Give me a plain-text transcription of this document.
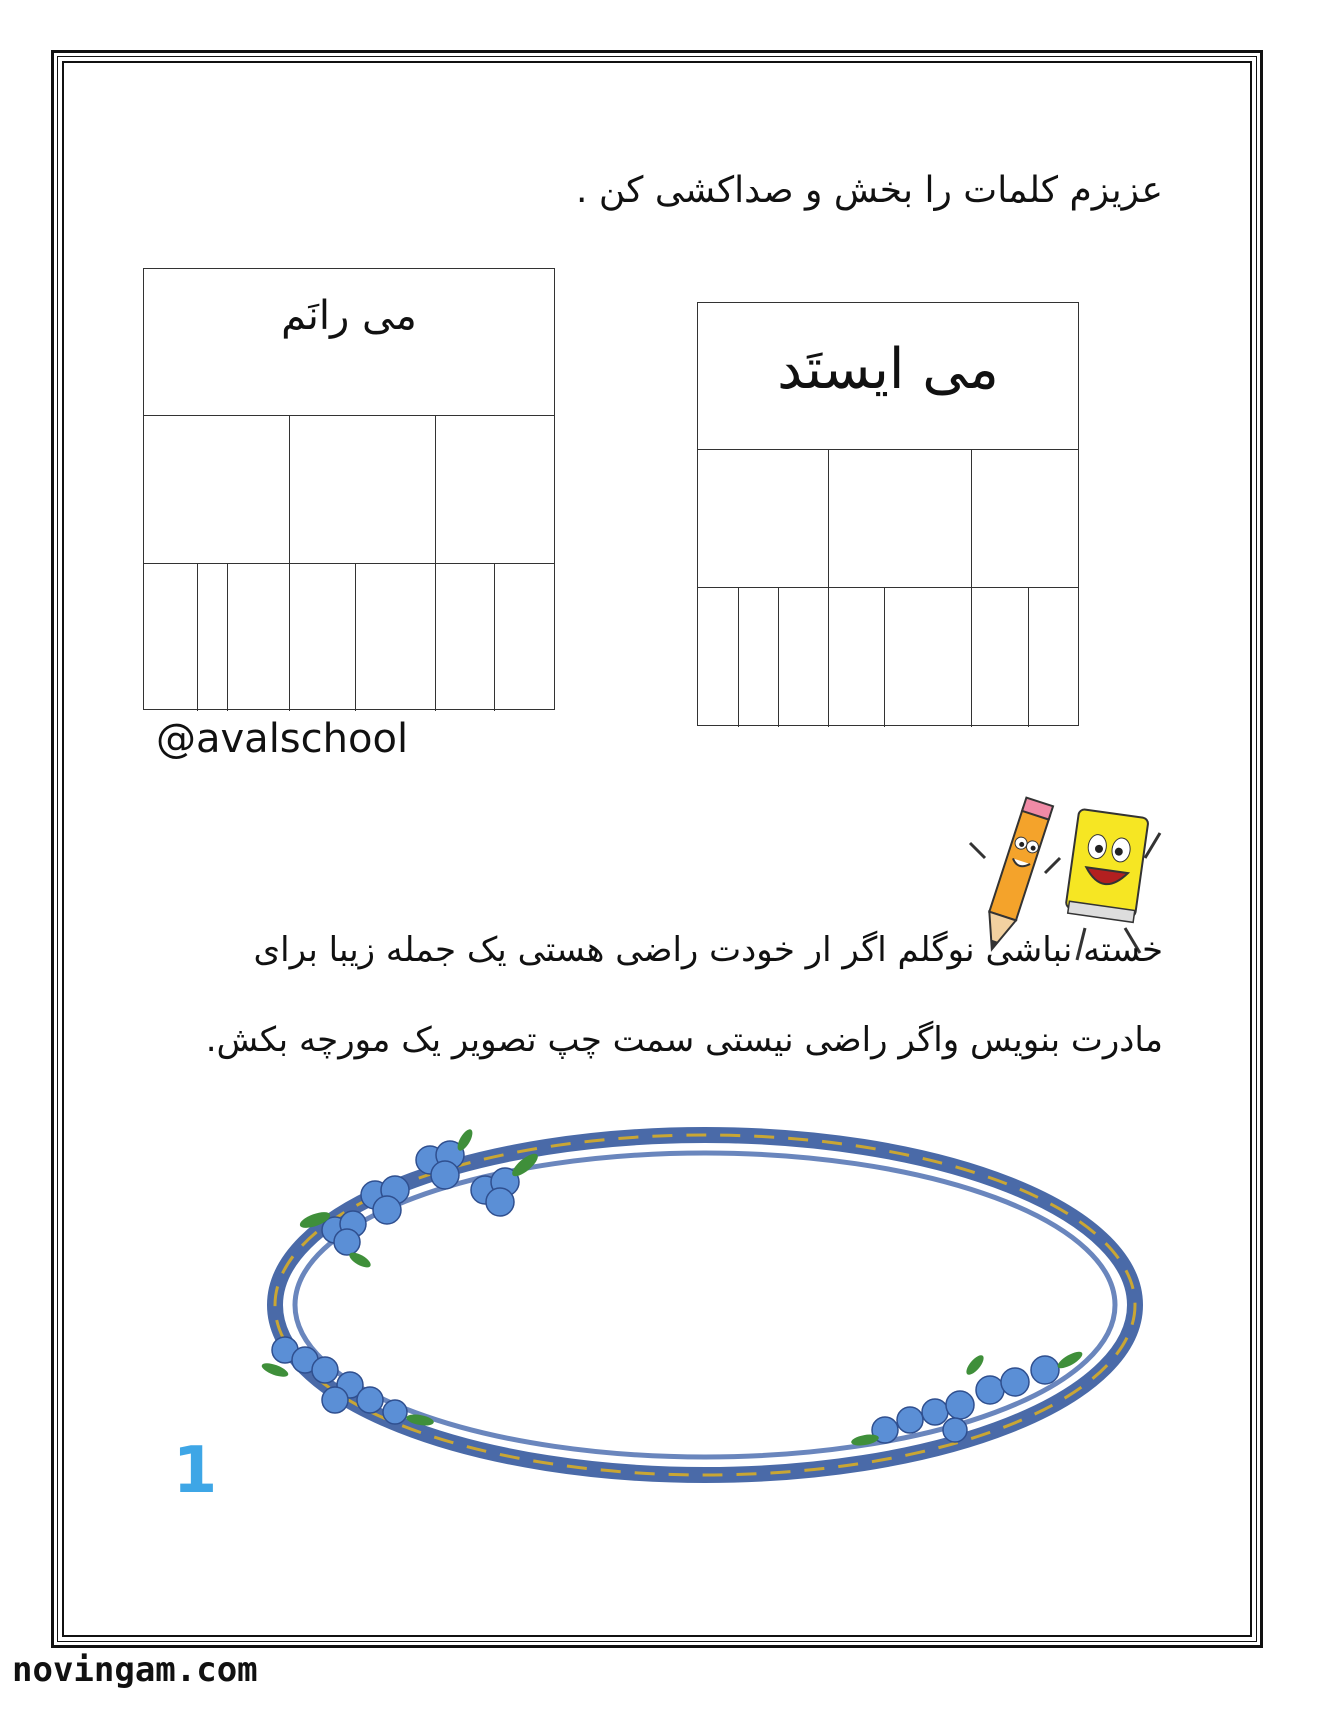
عزیزم کلمات را بخش و صداکشی کن .
می ایستَد
می رانَم
@avalschool
خسته نباشی نوگلم اگر ار خودت راضی هستی یک جمله زیبا برای
مادرت بنویس واگر راضی نیستی سمت چپ تصویر یک مورچه بکش.
1
novingam.com
